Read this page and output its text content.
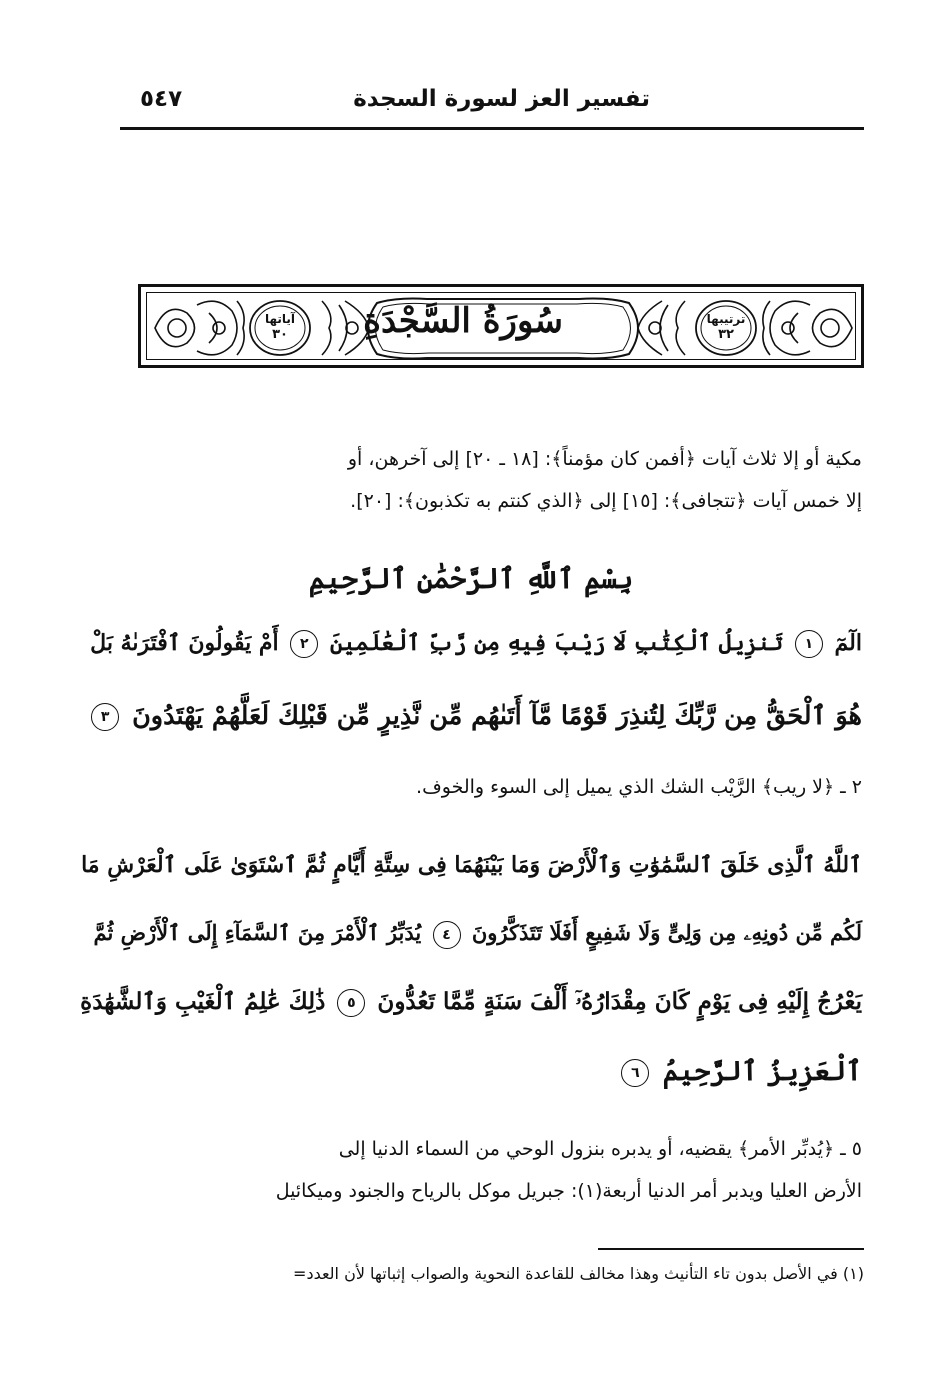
تفسير العز لسورة السجدة
٥٤٧
سُورَةُ السَّجْدَةِ
آياتها
٣٠
ترتيبها
٣٢
مكية أو إلا ثلاث آيات ﴿أفمن كان مؤمناً﴾: [١٨ ـ ٢٠] إلى آخرهن، أو
إلا خمس آيات ﴿تتجافى﴾: [١٥] إلى ﴿الذي كنتم به تكذبون﴾: [٢٠].
بِسْمِ ٱللَّهِ ٱلرَّحْمَٰنِ ٱلرَّحِيمِ
الٓمٓ ١ تَنزِيلُ ٱلْكِتَٰبِ لَا رَيْبَ فِيهِ مِن رَّبِّ ٱلْعَٰلَمِينَ ٢ أَمْ يَقُولُونَ ٱفْتَرَىٰهُ بَلْ
هُوَ ٱلْحَقُّ مِن رَّبِّكَ لِتُنذِرَ قَوْمًا مَّآ أَتَىٰهُم مِّن نَّذِيرٍ مِّن قَبْلِكَ لَعَلَّهُمْ يَهْتَدُونَ ٣
٢ ـ ﴿لا ريب﴾ الرَّيْب الشك الذي يميل إلى السوء والخوف.
ٱللَّهُ ٱلَّذِى خَلَقَ ٱلسَّمَٰوَٰتِ وَٱلْأَرْضَ وَمَا بَيْنَهُمَا فِى سِتَّةِ أَيَّامٍ ثُمَّ ٱسْتَوَىٰ عَلَى ٱلْعَرْشِ مَا
لَكُم مِّن دُونِهِۦ مِن وَلِىٍّ وَلَا شَفِيعٍ أَفَلَا تَتَذَكَّرُونَ ٤ يُدَبِّرُ ٱلْأَمْرَ مِنَ ٱلسَّمَآءِ إِلَى ٱلْأَرْضِ ثُمَّ
يَعْرُجُ إِلَيْهِ فِى يَوْمٍ كَانَ مِقْدَارُهُۥٓ أَلْفَ سَنَةٍ مِّمَّا تَعُدُّونَ ٥ ذَٰلِكَ عَٰلِمُ ٱلْغَيْبِ وَٱلشَّهَٰدَةِ
ٱلْعَزِيزُ ٱلرَّحِيمُ ٦
٥ ـ ﴿يُدبِّر الأمر﴾ يقضيه، أو يدبره بنزول الوحي من السماء الدنيا إلى
الأرض العليا ويدبر أمر الدنيا أربعة(١): جبريل موكل بالرياح والجنود وميكائيل
(١) في الأصل بدون تاء التأنيث وهذا مخالف للقاعدة النحوية والصواب إثباتها لأن العدد=
